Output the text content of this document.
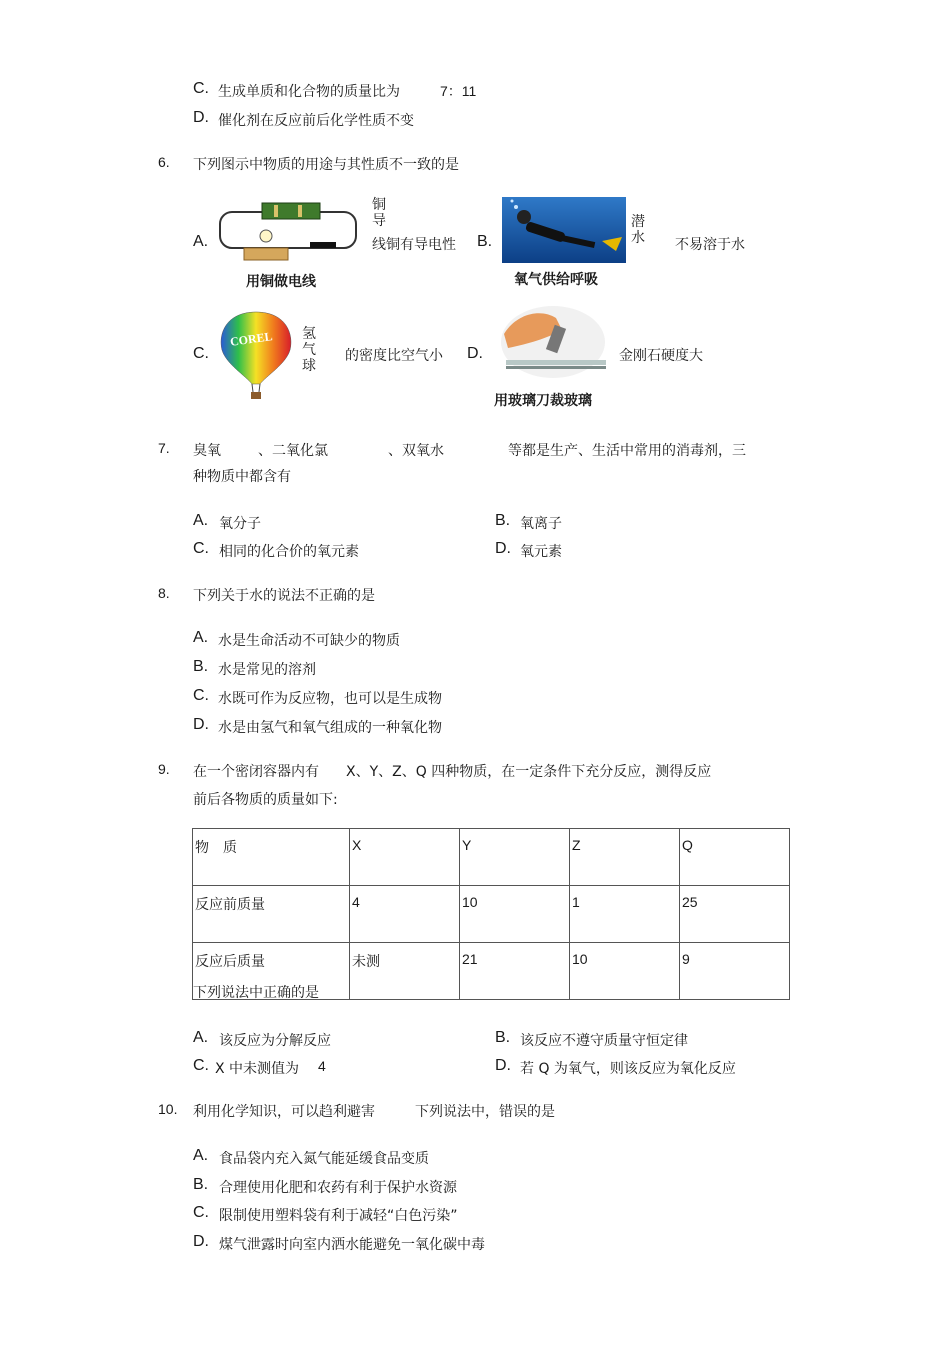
C. 生成单质和化合物的质量比为	7：11
D. 催化剂在反应前后化学性质不变
6. 下列图示中物质的用途与其性质不一致的是
A.
用铜做电线
铜导
线铜有导电性 B.
氧气供给呼吸
潜水 不易溶于水
C.
COREL 氢气球
的密度比空气小 D.
用玻璃刀裁玻璃
金刚石硬度大
7. 臭氧	、二氧化氯	、双氧水	等都是生产、生活中常用的消毒剂，三
种物质中都含有
A. 氧分子	B. 氧离子
C. 相同的化合价的氧元素	D. 氧元素
8. 下列关于水的说法不正确的是
A. 水是生命活动不可缺少的物质
B. 水是常见的溶剂
C. 水既可作为反应物，也可以是生成物
D. 水是由氢气和氧气组成的一种氧化物
9. 在一个密闭容器内有 X、Y、Z、Q 四种物质，在一定条件下充分反应，测得反应
前后各物质的质量如下:
物　质	X	Y	Z	Q
反应前质量	4	10	1	25
反应后质量	未测	21	10	9
下列说法中正确的是
A. 该反应为分解反应	B. 该反应不遵守质量守恒定律
C. X 中未测值为 4	D. 若 Q 为氧气，则该反应为氧化反应
10. 利用化学知识，可以趋利避害	下列说法中，错误的是
A. 食品袋内充入氮气能延缓食品变质
B. 合理使用化肥和农药有利于保护水资源
C. 限制使用塑料袋有利于减轻“白色污染”
D. 煤气泄露时向室内洒水能避免一氧化碳中毒
